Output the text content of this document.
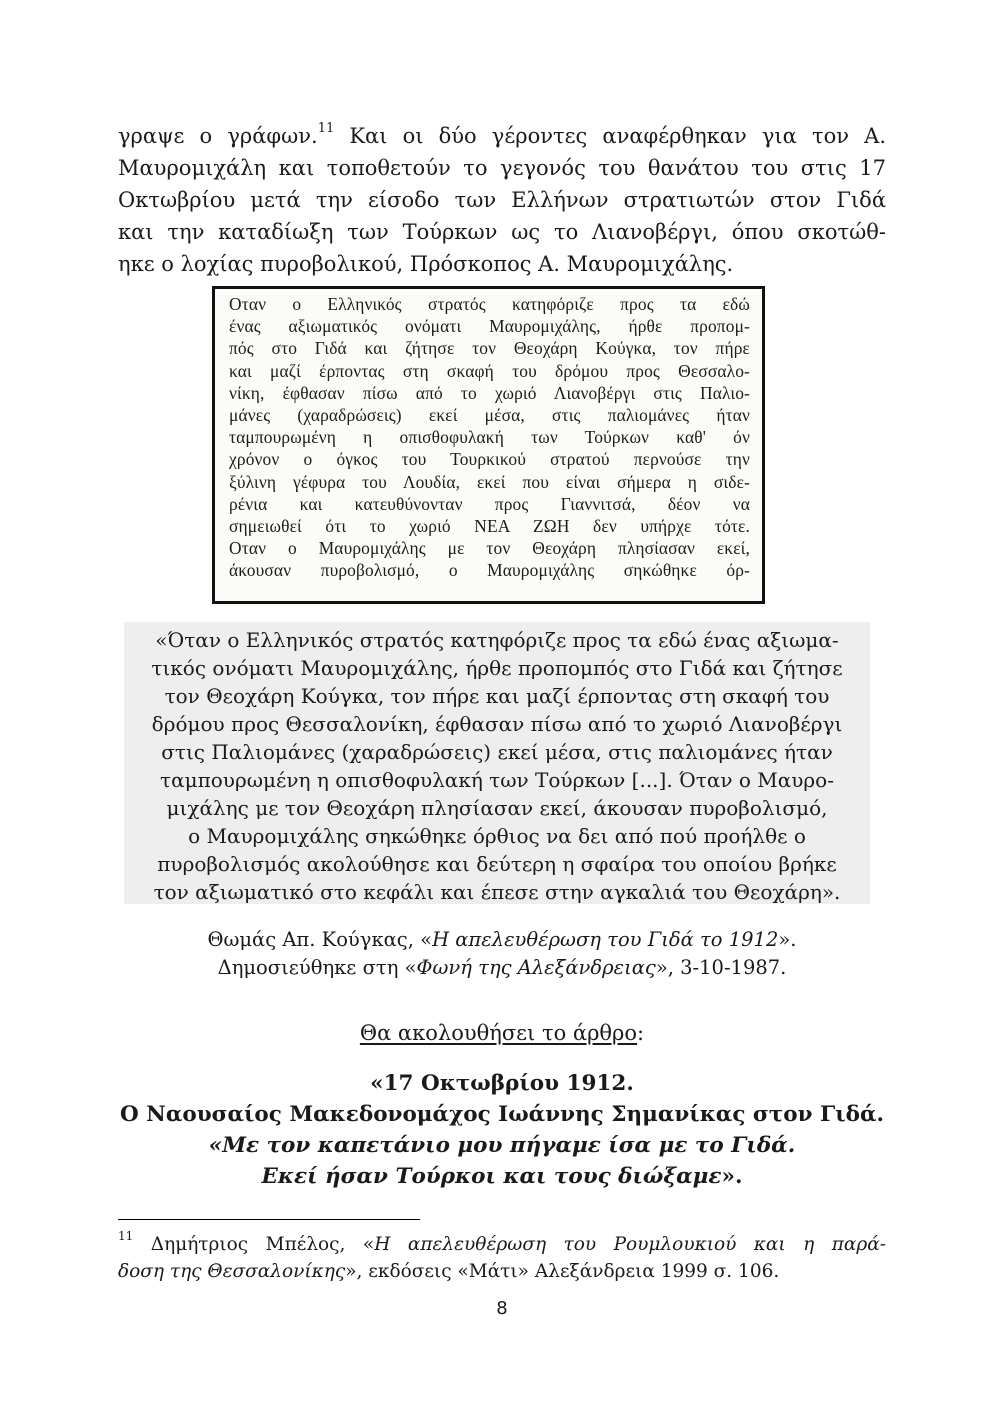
γραψε ο γράφων.$^{11}$ Και οι δύο γέροντες αναφέρθηκαν για τον Α.
Μαυρομιχάλη και τοποθετούν το γεγονός του θανάτου του στις 17
Οκτωβρίου μετά την είσοδο των Ελλήνων στρατιωτών στον Γιδά
και την καταδίωξη των Τούρκων ως το Λιανοβέργι, όπου σκοτώθ-
ηκε ο λοχίας πυροβολικού, Πρόσκοπος Α. Μαυρομιχάλης.
Οταν ο Ελληνικός στρατός κατηφόριζε προς τα εδώ
ένας αξιωματικός ονόματι Μαυρομιχάλης, ήρθε προπομ-
πός στο Γιδά και ζήτησε τον Θεοχάρη Κούγκα, τον πήρε
και μαζί έρποντας στη σκαφή του δρόμου προς Θεσσαλο-
νίκη, έφθασαν πίσω από το χωριό Λιανοβέργι στις Παλιο-
μάνες (χαραδρώσεις) εκεί μέσα, στις παλιομάνες ήταν
ταμπουρωμένη η οπισθοφυλακή των Τούρκων καθ' όν
χρόνον ο όγκος του Τουρκικού στρατού περνούσε την
ξύλινη γέφυρα του Λουδία, εκεί που είναι σήμερα η σιδε-
ρένια και κατευθύνονταν προς Γιαννιτσά, δέον να
σημειωθεί ότι το χωριό ΝΕΑ ΖΩΗ δεν υπήρχε τότε.
Οταν ο Μαυρομιχάλης με τον Θεοχάρη πλησίασαν εκεί,
άκουσαν πυροβολισμό, ο Μαυρομιχάλης σηκώθηκε όρ-
«Όταν ο Ελληνικός στρατός κατηφόριζε προς τα εδώ ένας αξιωμα-
τικός ονόματι Μαυρομιχάλης, ήρθε προπομπός στο Γιδά και ζήτησε
τον Θεοχάρη Κούγκα, τον πήρε και μαζί έρποντας στη σκαφή του
δρόμου προς Θεσσαλονίκη, έφθασαν πίσω από το χωριό Λιανοβέργι
στις Παλιομάνες (χαραδρώσεις) εκεί μέσα, στις παλιομάνες ήταν
ταμπουρωμένη η οπισθοφυλακή των Τούρκων [...]. Όταν ο Μαυρο-
μιχάλης με τον Θεοχάρη πλησίασαν εκεί, άκουσαν πυροβολισμό,
ο Μαυρομιχάλης σηκώθηκε όρθιος να δει από πού προήλθε ο
πυροβολισμός ακολούθησε και δεύτερη η σφαίρα του οποίου βρήκε
τον αξιωματικό στο κεφάλι και έπεσε στην αγκαλιά του Θεοχάρη».
Θωμάς Απ. Κούγκας, «Η απελευθέρωση του Γιδά το 1912».
Δημοσιεύθηκε στη «Φωνή της Αλεξάνδρειας», 3-10-1987.
Θα ακολουθήσει το άρθρο:
«17 Οκτωβρίου 1912.
Ο Ναουσαίος Μακεδονομάχος Ιωάννης Σημανίκας στον Γιδά.
«Με τον καπετάνιο μου πήγαμε ίσα με το Γιδά.
Εκεί ήσαν Τούρκοι και τους διώξαμε».
$^{11}$ Δημήτριος Μπέλος, «Η απελευθέρωση του Ρουμλουκιού και η παρά-
δοση της Θεσσαλονίκης», εκδόσεις «Μάτι» Αλεξάνδρεια 1999 σ. 106.
8
